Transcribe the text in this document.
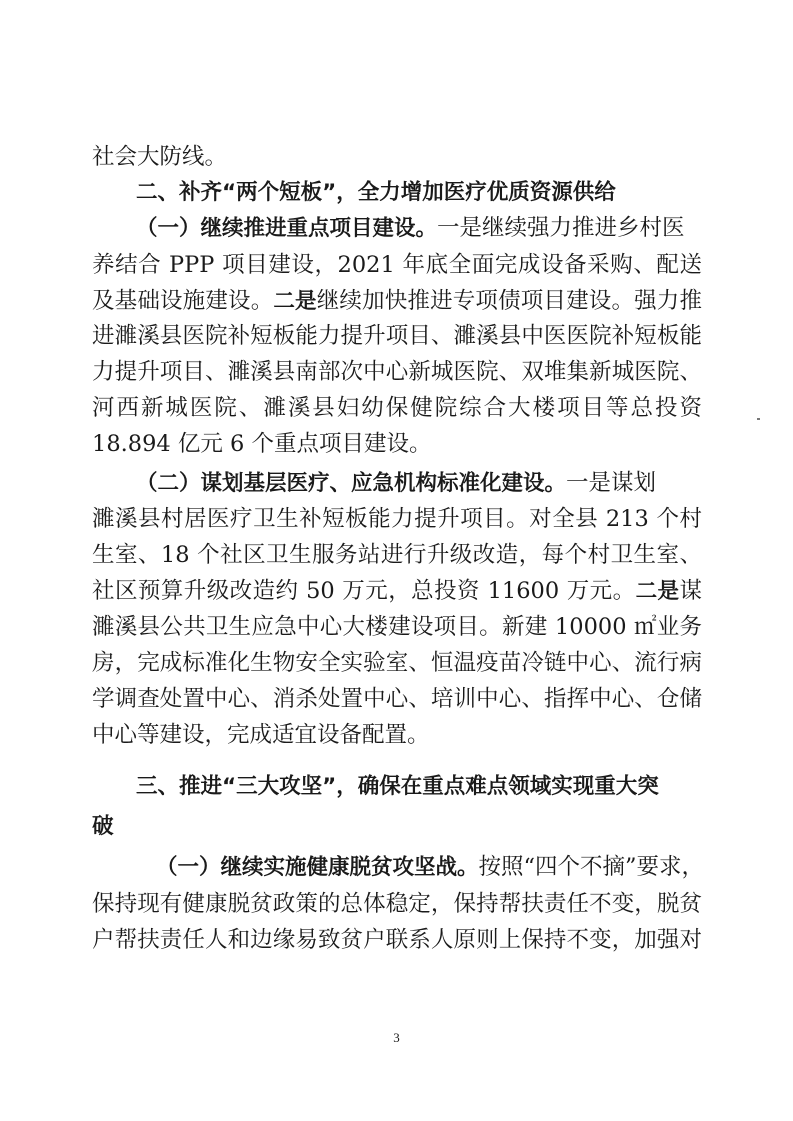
社会大防线。
二、补齐“两个短板”，全力增加医疗优质资源供给
（一）继续推进重点项目建设。一是继续强力推进乡村医
养结合 PPP 项目建设，2021 年底全面完成设备采购、配送
及基础设施建设。二是继续加快推进专项债项目建设。强力推
进濉溪县医院补短板能力提升项目、濉溪县中医医院补短板能
力提升项目、濉溪县南部次中心新城医院、双堆集新城医院、
河西新城医院、濉溪县妇幼保健院综合大楼项目等总投资
18.894 亿元 6 个重点项目建设。
（二）谋划基层医疗、应急机构标准化建设。一是谋划
濉溪县村居医疗卫生补短板能力提升项目。对全县 213 个村
生室、18 个社区卫生服务站进行升级改造，每个村卫生室、
社区预算升级改造约 50 万元，总投资 11600 万元。二是谋
濉溪县公共卫生应急中心大楼建设项目。新建 10000 ㎡业务
房，完成标准化生物安全实验室、恒温疫苗冷链中心、流行病
学调查处置中心、消杀处置中心、培训中心、指挥中心、仓储
中心等建设，完成适宜设备配置。
三、推进“三大攻坚”，确保在重点难点领域实现重大突
破
（一）继续实施健康脱贫攻坚战。按照“四个不摘”要求，
保持现有健康脱贫政策的总体稳定，保持帮扶责任不变，脱贫
户帮扶责任人和边缘易致贫户联系人原则上保持不变，加强对
3
